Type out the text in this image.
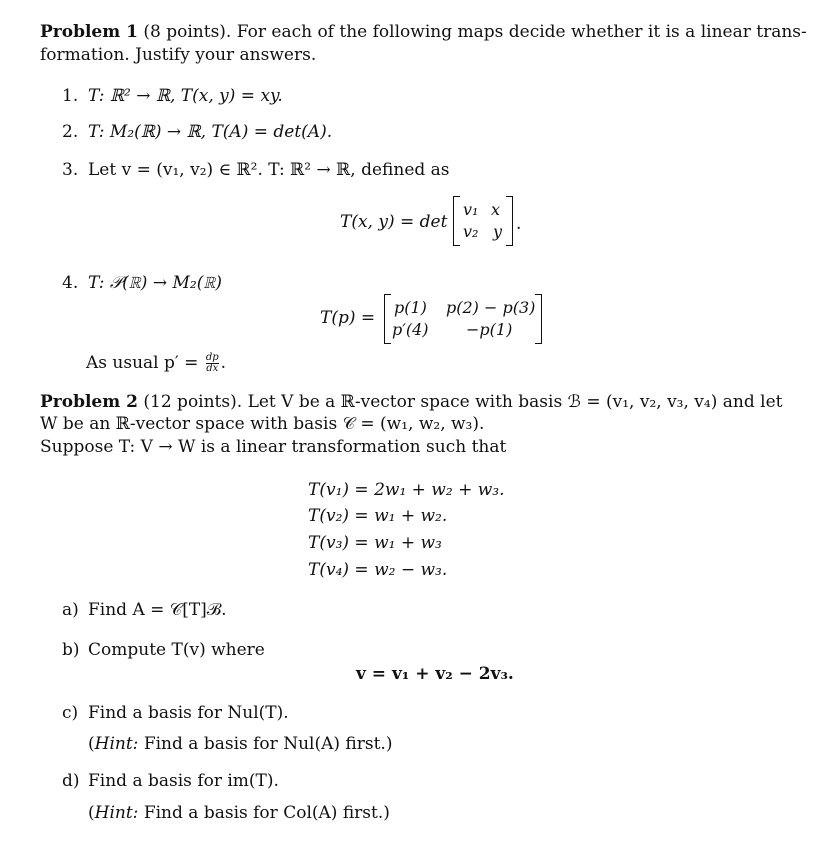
Problem 1 (8 points). For each of the following maps decide whether it is a linear trans-
formation. Justify your answers.
1. T: ℝ² → ℝ, T(x, y) = xy.
2. T: M₂(ℝ) → ℝ, T(A) = det(A).
3. Let v = (v₁, v₂) ∈ ℝ². T: ℝ² → ℝ, defined as
T(x, y) = det
v₁ x
v₂ y .
4. T: 𝒫(ℝ) → M₂(ℝ)
T(p) =
p(1) p(2) − p(3)
p′(4) −p(1)
As usual $p' = \frac{dp}{dx}$ .
Problem 2 (12 points). Let V be a ℝ-vector space with basis ℬ = (v₁, v₂, v₃, v₄) and let
W be an ℝ-vector space with basis 𝒞 = (w₁, w₂, w₃).
Suppose T: V → W is a linear transformation such that
T(v₁) = 2w₁ + w₂ + w₃.
T(v₂) = w₁ + w₂.
T(v₃) = w₁ + w₃
T(v₄) = w₂ − w₃.
a) Find A = 𝒞[T]ℬ.
b) Compute T(v) where
v = v₁ + v₂ − 2v₃.
c) Find a basis for Nul(T).
(Hint: Find a basis for Nul(A) first.)
d) Find a basis for im(T).
(Hint: Find a basis for Col(A) first.)
